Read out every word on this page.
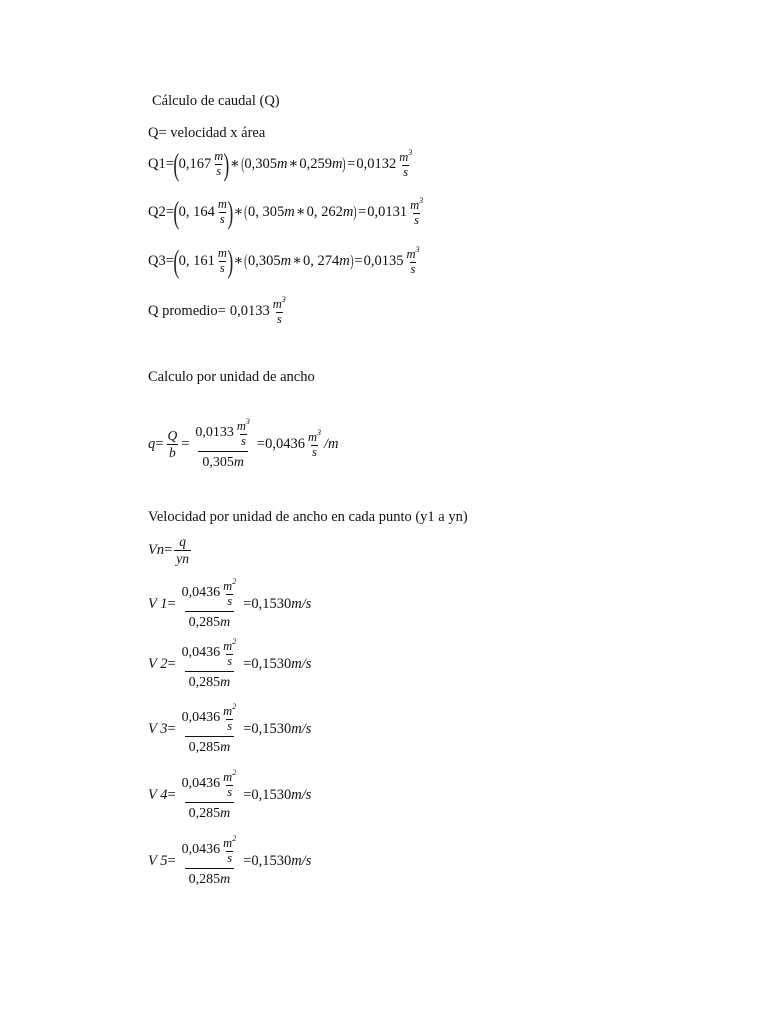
Cálculo de caudal (Q)
Q= velocidad x área
Q1= ( $0,167 \frac{m}{s}$ ) ∗ ( 0,305 m ∗ 0,259 m ) = $0,0132 \frac{m^3}{s}$
Q2= ( 0, $164 \frac{m}{s}$ ) ∗ ( 0, 305 m ∗ 0, 262 m ) = $0,0131 \frac{m^3}{s}$
Q3= ( 0, $161 \frac{m}{s}$ ) ∗ ( 0,305 m ∗ 0, 274 m ) = $0,0135 \frac{m^3}{s}$
Q promedio= $0,0133 \frac{m^3}{s}$
Calculo por unidad de ancho
$q = \frac{Q}{b} = \frac{0,0133 \frac{m^3}{s}}{0,305m} = 0,0436 \frac{m^3}{s} /m$
Velocidad por unidad de ancho en cada punto (y1 a yn)
$Vn = \frac{q}{yn}$
V $1 = \frac{0,0436 \frac{m^2}{s}}{0,285m} = 0,1530$ m/s
V $2 = \frac{0,0436 \frac{m^2}{s}}{0,285m} = 0,1530$ m/s
V $3 = \frac{0,0436 \frac{m^2}{s}}{0,285m} = 0,1530$ m/s
V $4 = \frac{0,0436 \frac{m^2}{s}}{0,285m} = 0,1530$ m/s
V $5 = \frac{0,0436 \frac{m^2}{s}}{0,285m} = 0,1530$ m/s
